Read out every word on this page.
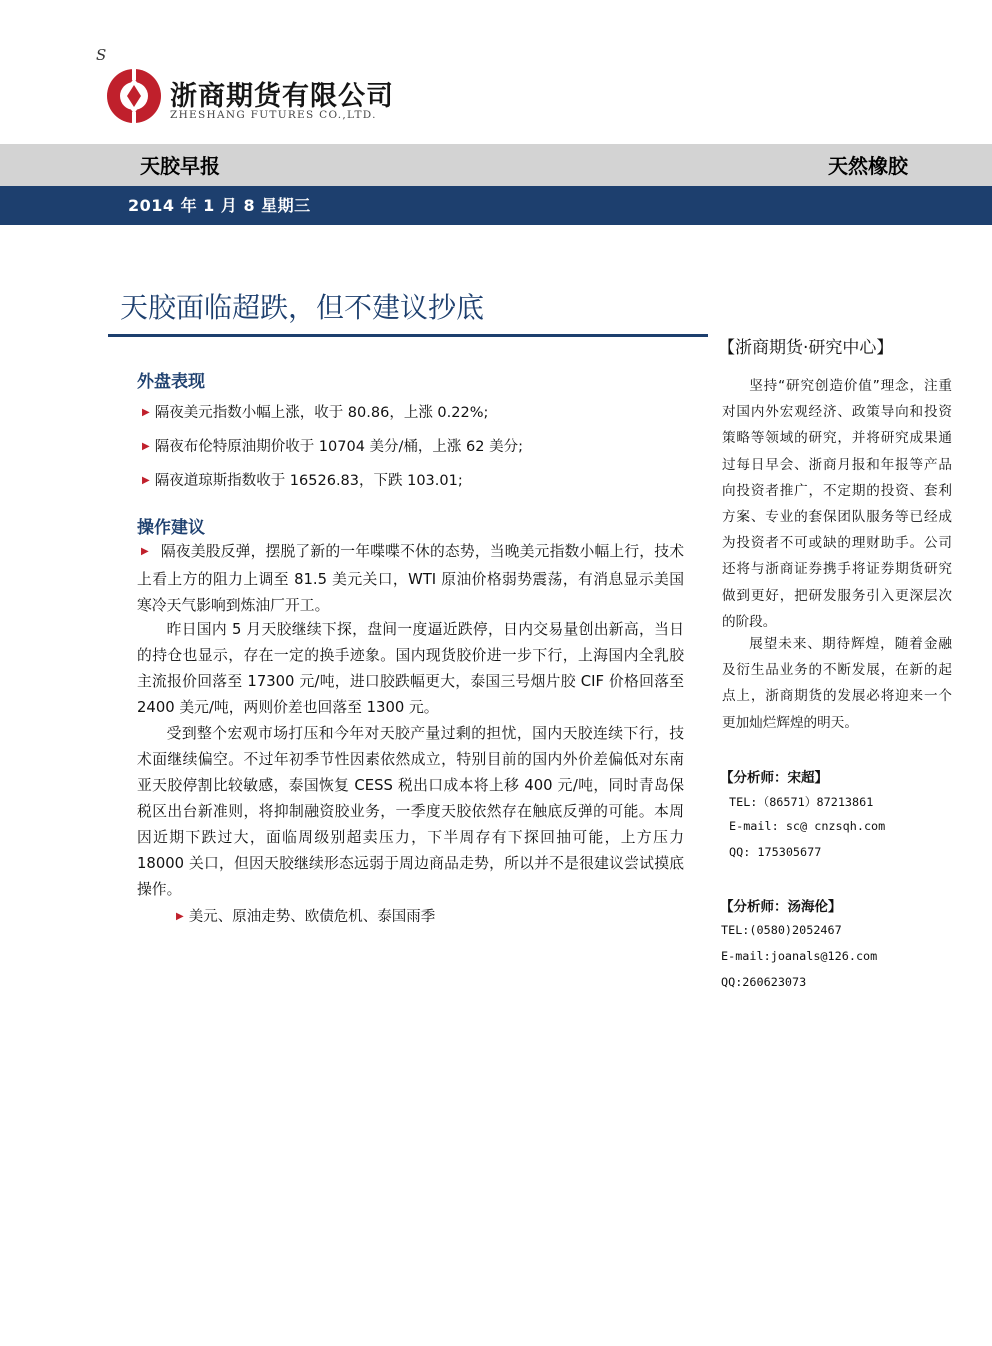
S
浙商期货有限公司
ZHESHANG FUTURES CO.,LTD.
天胶早报	天然橡胶
2014 年 1 月 8 星期三
天胶面临超跌，但不建议抄底
外盘表现
▶ 隔夜美元指数小幅上涨，收于 80.86，上涨 0.22%;
▶ 隔夜布伦特原油期价收于 10704 美分/桶，上涨 62 美分;
▶ 隔夜道琼斯指数收于 16526.83，下跌 103.01;
操作建议

▶ 隔夜美股反弹，摆脱了新的一年喋喋不休的态势，当晚美元指数小幅上行，技术上看上方的阻力上调至 81.5 美元关口，WTI 原油价格弱势震荡，有消息显示美国寒冷天气影响到炼油厂开工。

昨日国内 5 月天胶继续下探，盘间一度逼近跌停，日内交易量创出新高，当日的持仓也显示，存在一定的换手迹象。国内现货胶价进一步下行，上海国内全乳胶主流报价回落至 17300 元/吨，进口胶跌幅更大，泰国三号烟片胶 CIF 价格回落至 2400 美元/吨，两则价差也回落至 1300 元。

受到整个宏观市场打压和今年对天胶产量过剩的担忧，国内天胶连续下行，技术面继续偏空。不过年初季节性因素依然成立，特别目前的国内外价差偏低对东南亚天胶停割比较敏感，泰国恢复 CESS 税出口成本将上移 400 元/吨，同时青岛保税区出台新准则，将抑制融资胶业务，一季度天胶依然存在触底反弹的可能。本周因近期下跌过大，面临周级别超卖压力，下半周存有下探回抽可能，上方压力 18000 关口，但因天胶继续形态远弱于周边商品走势，所以并不是很建议尝试摸底操作。

▶ 美元、原油走势、欧债危机、泰国雨季
【浙商期货·研究中心】

坚持“研究创造价值”理念，注重对国内外宏观经济、政策导向和投资策略等领域的研究，并将研究成果通过每日早会、浙商月报和年报等产品向投资者推广，不定期的投资、套利方案、专业的套保团队服务等已经成为投资者不可或缺的理财助手。公司还将与浙商证券携手将证券期货研究做到更好，把研发服务引入更深层次的阶段。

展望未来、期待辉煌，随着金融及衍生品业务的不断发展，在新的起点上，浙商期货的发展必将迎来一个更加灿烂辉煌的明天。

【分析师：宋超】
TEL:（86571）87213861
E-mail: sc@ cnzsqh.com
QQ: 175305677
【分析师：汤海伦】
TEL:(0580)2052467
E-mail:joanals@126.com
QQ:260623073
